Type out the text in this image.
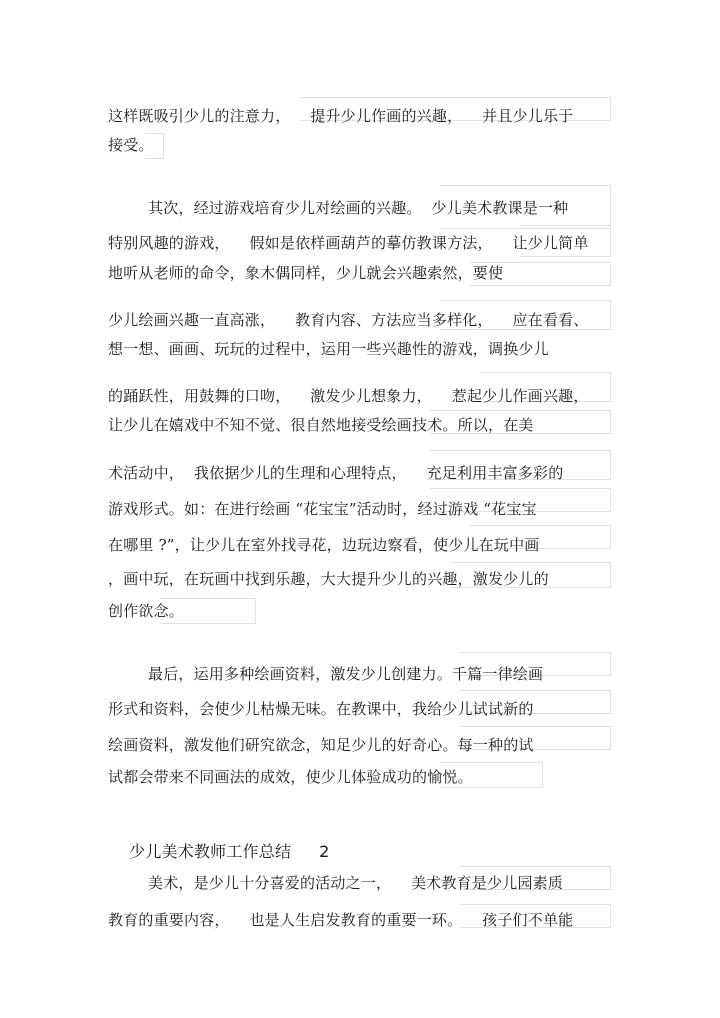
这样既吸引少儿的注意力，    提升少儿作画的兴趣，    并且少儿乐于
接受。
其次，经过游戏培育少儿对绘画的兴趣。  少儿美术教课是一种
特别风趣的游戏，    假如是依样画葫芦的摹仿教课方法，    让少儿简单
地听从老师的命令，象木偶同样，少儿就会兴趣索然，要使
少儿绘画兴趣一直高涨，    教育内容、方法应当多样化，    应在看看、
想一想、画画、玩玩的过程中，运用一些兴趣性的游戏，调换少儿
的踊跃性，用鼓舞的口吻，    激发少儿想象力，    惹起少儿作画兴趣，
让少儿在嬉戏中不知不觉、很自然地接受绘画技术。所以，在美
术活动中，  我依据少儿的生理和心理特点，    充足利用丰富多彩的
游戏形式。如：在进行绘画 “花宝宝”活动时，经过游戏 “花宝宝
在哪里 ?”，让少儿在室外找寻花，边玩边察看，使少儿在玩中画
，画中玩，在玩画中找到乐趣，大大提升少儿的兴趣，激发少儿的
创作欲念。
最后，运用多种绘画资料，激发少儿创建力。千篇一律绘画
形式和资料，会使少儿枯燥无味。在教课中，我给少儿试试新的
绘画资料，激发他们研究欲念，知足少儿的好奇心。每一种的试
试都会带来不同画法的成效，使少儿体验成功的愉悦。

少儿美术教师工作总结 2

美术，是少儿十分喜爱的活动之一，    美术教育是少儿园素质
教育的重要内容，    也是人生启发教育的重要一环。    孩子们不单能
